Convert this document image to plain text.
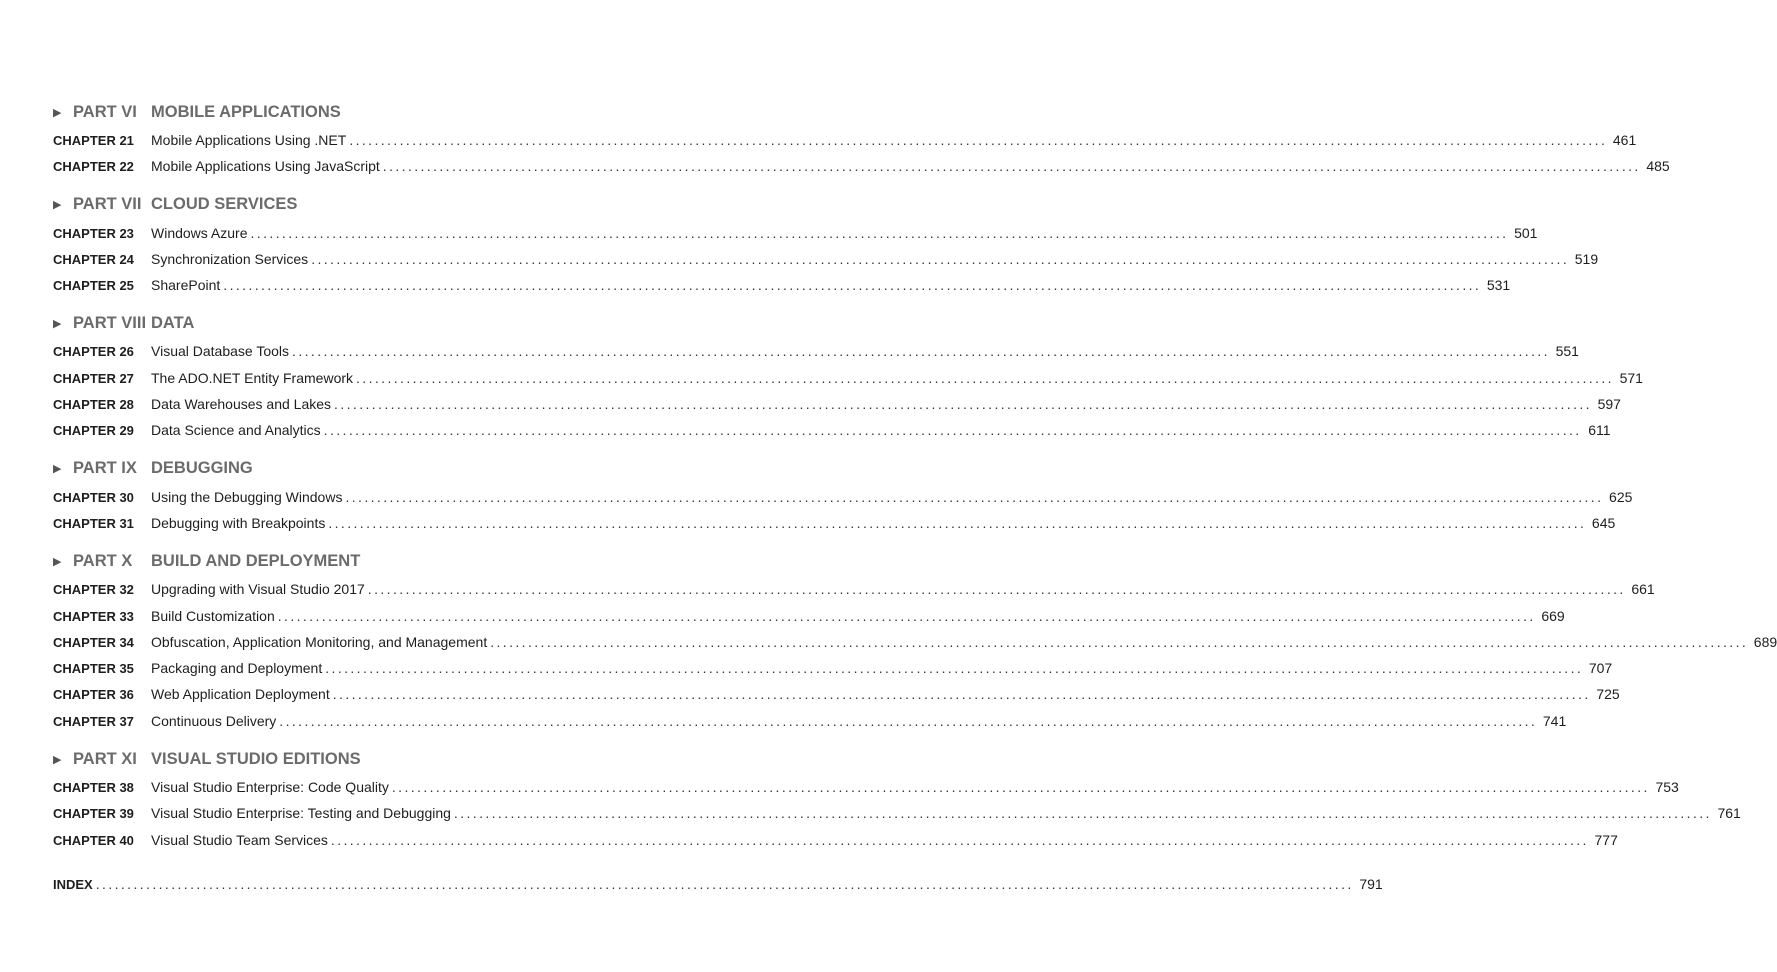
▶ PART VI MOBILE APPLICATIONS
CHAPTER 21	Mobile Applications Using .NET ........................................................................................................................................................................................................ 461
CHAPTER 22	Mobile Applications Using JavaScript ........................................................................................................................................................................................................ 485
▶ PART VII CLOUD SERVICES
CHAPTER 23	Windows Azure ........................................................................................................................................................................................................ 501
CHAPTER 24	Synchronization Services ........................................................................................................................................................................................................ 519
CHAPTER 25	SharePoint ........................................................................................................................................................................................................ 531
▶ PART VIII DATA
CHAPTER 26	Visual Database Tools ........................................................................................................................................................................................................ 551
CHAPTER 27	The ADO.NET Entity Framework ........................................................................................................................................................................................................ 571
CHAPTER 28	Data Warehouses and Lakes ........................................................................................................................................................................................................ 597
CHAPTER 29	Data Science and Analytics ........................................................................................................................................................................................................ 611
▶ PART IX DEBUGGING
CHAPTER 30	Using the Debugging Windows ........................................................................................................................................................................................................ 625
CHAPTER 31	Debugging with Breakpoints ........................................................................................................................................................................................................ 645
▶ PART X	BUILD AND DEPLOYMENT
CHAPTER 32	Upgrading with Visual Studio 2017 ........................................................................................................................................................................................................ 661
CHAPTER 33	Build Customization ........................................................................................................................................................................................................ 669
CHAPTER 34	Obfuscation, Application Monitoring, and Management ........................................................................................................................................................................................................ 689
CHAPTER 35	Packaging and Deployment ........................................................................................................................................................................................................ 707
CHAPTER 36	Web Application Deployment ........................................................................................................................................................................................................ 725
CHAPTER 37	Continuous Delivery ........................................................................................................................................................................................................ 741
▶ PART XI VISUAL STUDIO EDITIONS
CHAPTER 38	Visual Studio Enterprise: Code Quality ........................................................................................................................................................................................................ 753
CHAPTER 39	Visual Studio Enterprise: Testing and Debugging ........................................................................................................................................................................................................ 761
CHAPTER 40	Visual Studio Team Services ........................................................................................................................................................................................................ 777
INDEX ........................................................................................................................................................................................................ 791
